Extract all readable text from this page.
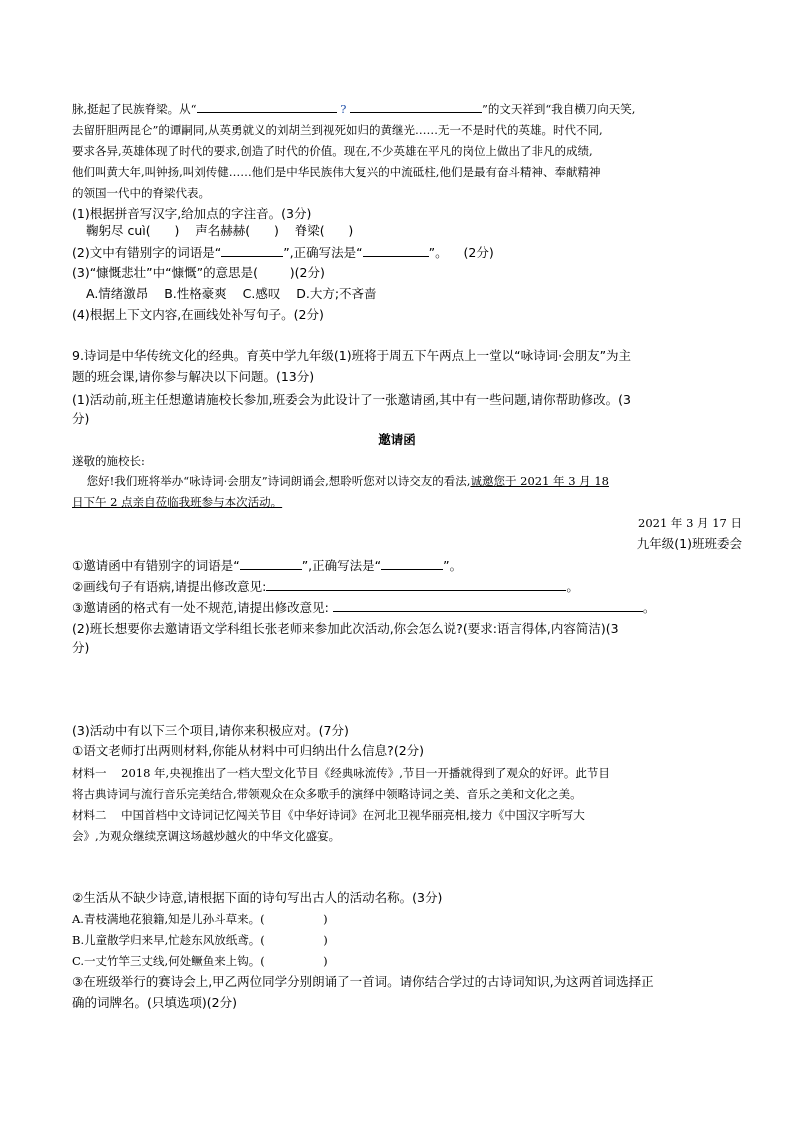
脉,挺起了民族脊梁。从“	?	”的文天祥到“我自横刀向天笑,
去留肝胆两昆仑”的谭嗣同,从英勇就义的刘胡兰到视死如归的黄继光……无一不是时代的英雄。时代不同,
要求各异,英雄体现了时代的要求,创造了时代的价值。现在,不少英雄在平凡的岗位上做出了非凡的成绩,
他们叫黄大年,叫钟扬,叫刘传健……他们是中华民族伟大复兴的中流砥柱,他们是最有奋斗精神、奉献精神
的领国一代中的脊梁代表。
(1)根据拼音写汉字,给加点的字注音。(3分)
鞠躬尽 cuì(      )    声名赫赫(      )    脊梁(      )
(2)文中有错别字的词语是“	”,正确写法是“	”。    (2分)
(3)“慷慨悲壮”中“慷慨”的意思是(        )(2分)
A.情绪激昂    B.性格豪爽    C.感叹    D.大方;不吝啬
(4)根据上下文内容,在画线处补写句子。(2分)
9.诗词是中华传统文化的经典。育英中学九年级(1)班将于周五下午两点上一堂以“咏诗词·会朋友”为主
题的班会课,请你参与解决以下问题。(13分)
(1)活动前,班主任想邀请施校长参加,班委会为此设计了一张邀请函,其中有一些问题,请你帮助修改。(3
分)
邀请函
遂敬的施校长:
您好!我们班将举办“咏诗词·会朋友”诗词朗诵会,想聆听您对以诗交友的看法,诚邀您于 2021 年 3 月 18
日下午 2 点亲自莅临我班参与本次活动。
2021 年 3 月 17 日
九年级(1)班班委会
①邀请函中有错别字的词语是“	”,正确写法是“	”。
②画线句子有语病,请提出修改意见:	。
③邀请函的格式有一处不规范,请提出修改意见:	。
(2)班长想要你去邀请语文学科组长张老师来参加此次活动,你会怎么说?(要求:语言得体,内容简洁)(3
分)
(3)活动中有以下三个项目,请你来积极应对。(7分)
①语文老师打出两则材料,你能从材料中可归纳出什么信息?(2分)
材料一    2018 年,央视推出了一档大型文化节目《经典咏流传》,节目一开播就得到了观众的好评。此节目
将古典诗词与流行音乐完美结合,带领观众在众多歌手的演绎中领略诗词之美、音乐之美和文化之美。
材料二    中国首档中文诗词记忆闯关节目《中华好诗词》在河北卫视华丽亮相,接力《中国汉字听写大
会》,为观众继续烹调这场越炒越火的中华文化盛宴。
②生活从不缺少诗意,请根据下面的诗句写出古人的活动名称。(3分)
A.青枝满地花狼籍,知是儿孙斗草来。(                )
B.儿童散学归来早,忙趁东风放纸鸢。(                )
C.一丈竹竿三丈线,何处鳜鱼来上钩。(                )
③在班级举行的赛诗会上,甲乙两位同学分别朗诵了一首词。请你结合学过的古诗词知识,为这两首词选择正
确的词牌名。(只填选项)(2分)
